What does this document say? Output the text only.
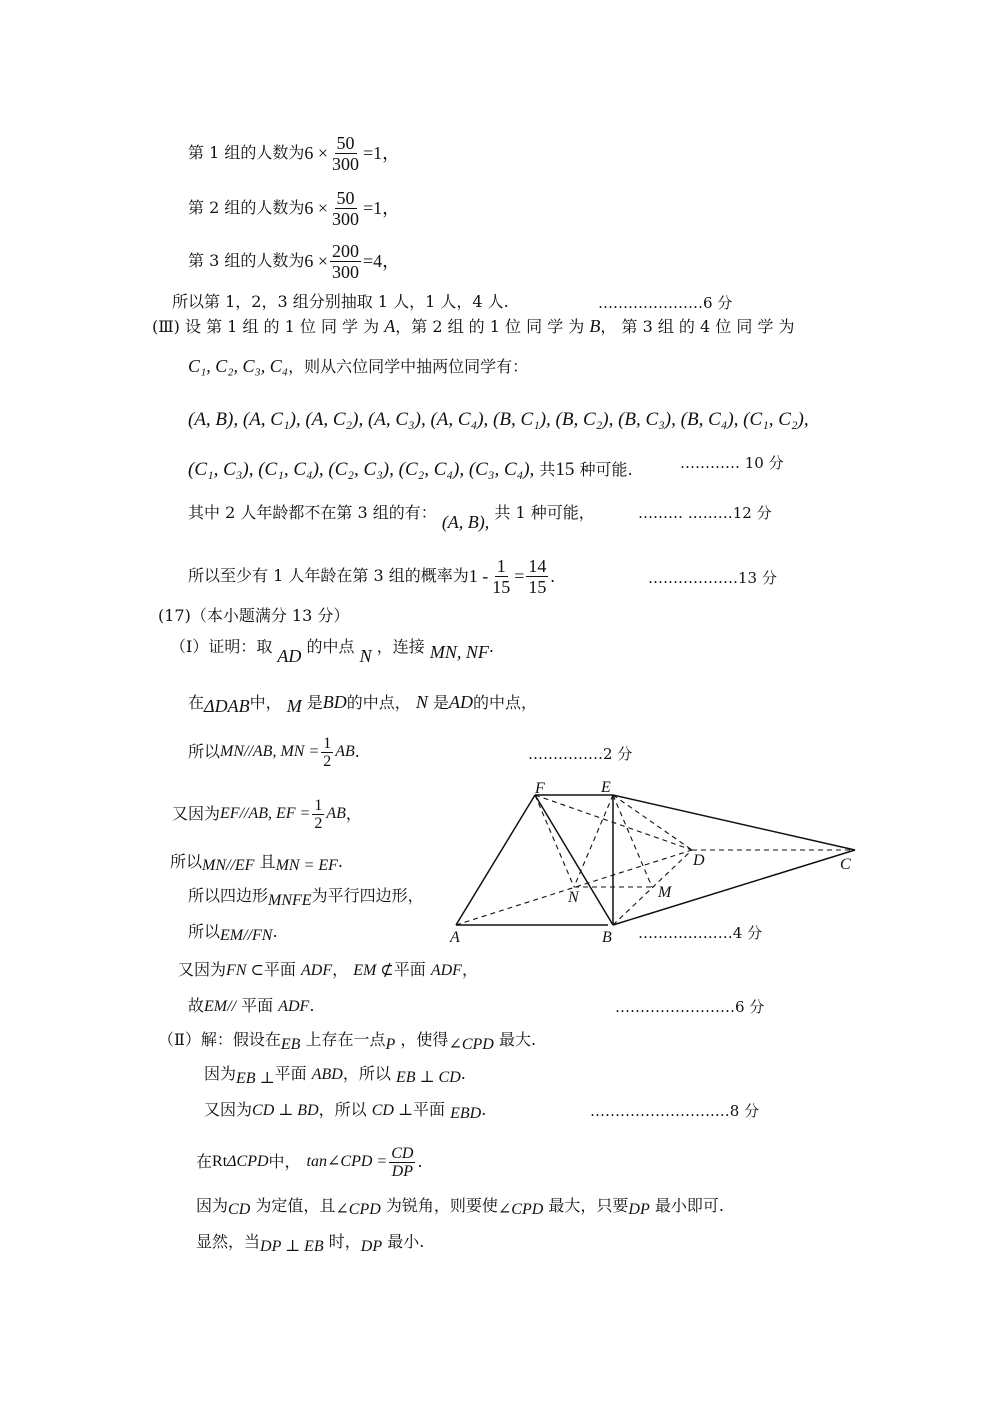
第 1 组的人数为 $6 \times \frac{50}{300} =1$，
第 2 组的人数为 $6 \times \frac{50}{300} =1$，
第 3 组的人数为 $6 \times \frac{200}{300} =4$，
所以第 1，2，3 组分别抽取 1 人，1 人，4 人.	…………………6 分
(Ⅲ) 设 第 1 组 的 1 位 同 学 为 A，第 2 组 的 1 位 同 学 为 B， 第 3 组 的 4 位 同 学 为
C₁, C₂, C₃, C₄，则从六位同学中抽两位同学有：
(A, B), (A, C₁), (A, C₂), (A, C₃), (A, C₄), (B, C₁), (B, C₂), (B, C₃), (B, C₄), (C₁, C₂),
(C₁, C₃), (C₁, C₄), (C₂, C₃), (C₂, C₄), (C₃, C₄), 共15 种可能.	………… 10 分
其中 2 人年龄都不在第 3 组的有： (A, B), 共 1 种可能，	……… ………12 分
所以至少有 1 人年龄在第 3 组的概率为 $1 - \frac{1}{15} = \frac{14}{15}$ .	………………13 分
(17)（本小题满分 13 分）
（Ⅰ）证明：取 AD 的中点 N ，连接 MN, NF.
在ΔDAB中， M 是BD的中点， N 是AD的中点，
所以 MN//AB, MN = $\frac{1}{2}$ AB .	……………2 分
又因为 EF//AB, EF = $\frac{1}{2}$ AB ，
所以MN//EF 且MN = EF.
所以四边形MNFE为平行四边形，
所以EM//FN.	……….………4 分
又因为FN ⊂平面 ADF， EM ⊄平面 ADF，
故EM// 平面 ADF.	……………………6 分
（Ⅱ）解：假设在EB 上存在一点P ，使得∠CPD 最大.
因为EB ⊥平面 ABD，所以 EB ⊥ CD.
又因为CD ⊥ BD，所以 CD ⊥平面 EBD.	…………………….…8 分
在 Rt ΔCPD 中， tan∠CPD = $\frac{CD}{DP}$ .
因为CD 为定值，且∠CPD 为锐角，则要使∠CPD 最大，只要DP 最小即可.
显然，当DP ⊥ EB 时，DP 最小.
F	E
D	C
N	M
A	B
